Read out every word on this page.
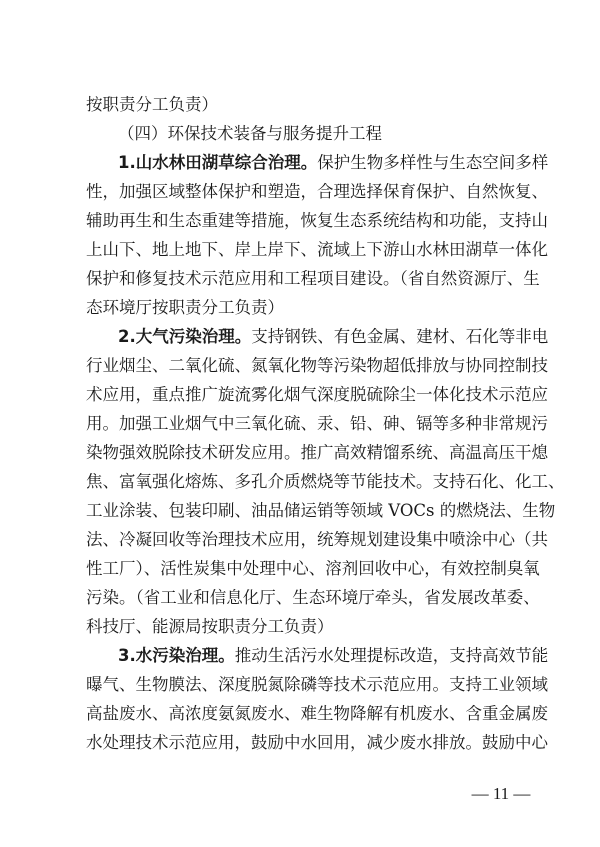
按职责分工负责）
（四）环保技术装备与服务提升工程
1.山水林田湖草综合治理。保护生物多样性与生态空间多样
性，加强区域整体保护和塑造，合理选择保育保护、自然恢复、
辅助再生和生态重建等措施，恢复生态系统结构和功能，支持山
上山下、地上地下、岸上岸下、流域上下游山水林田湖草一体化
保护和修复技术示范应用和工程项目建设。（省自然资源厅、生
态环境厅按职责分工负责）
2.大气污染治理。支持钢铁、有色金属、建材、石化等非电
行业烟尘、二氧化硫、氮氧化物等污染物超低排放与协同控制技
术应用，重点推广旋流雾化烟气深度脱硫除尘一体化技术示范应
用。加强工业烟气中三氧化硫、汞、铅、砷、镉等多种非常规污
染物强效脱除技术研发应用。推广高效精馏系统、高温高压干熄
焦、富氧强化熔炼、多孔介质燃烧等节能技术。支持石化、化工、
工业涂装、包装印刷、油品储运销等领域 VOCs 的燃烧法、生物
法、冷凝回收等治理技术应用，统筹规划建设集中喷涂中心（共
性工厂）、活性炭集中处理中心、溶剂回收中心，有效控制臭氧
污染。（省工业和信息化厅、生态环境厅牵头，省发展改革委、
科技厅、能源局按职责分工负责）
3.水污染治理。推动生活污水处理提标改造，支持高效节能
曝气、生物膜法、深度脱氮除磷等技术示范应用。支持工业领域
高盐废水、高浓度氨氮废水、难生物降解有机废水、含重金属废
水处理技术示范应用，鼓励中水回用，减少废水排放。鼓励中心
— 11 —
